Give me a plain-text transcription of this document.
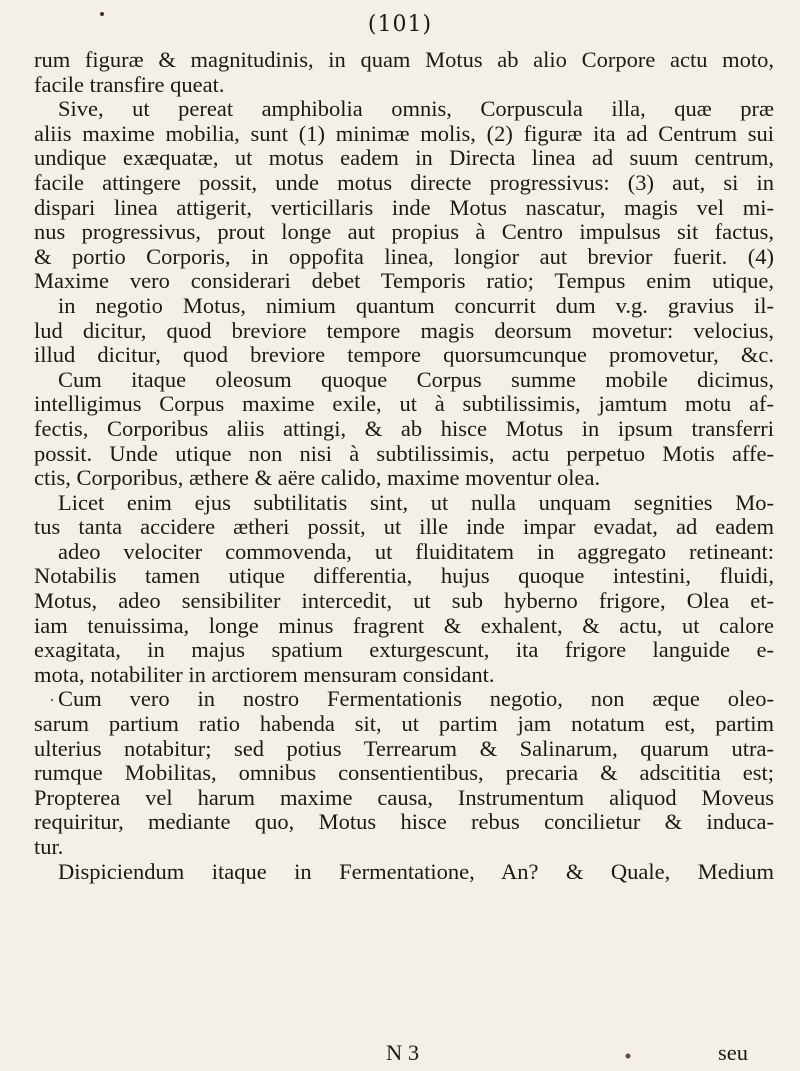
(101)
rum figuræ & magnitudinis, in quam Motus ab alio Corpore actu moto,
facile transfire queat.
Sive, ut pereat amphibolia omnis, Corpuscula illa, quæ præ
aliis maxime mobilia, sunt (1) minimæ molis, (2) figuræ ita ad Centrum sui
undique exæquatæ, ut motus eadem in Directa linea ad suum centrum,
facile attingere possit, unde motus directe progressivus: (3) aut, si in
dispari linea attigerit, verticillaris inde Motus nascatur, magis vel mi-
nus progressivus, prout longe aut propius à Centro impulsus sit factus,
& portio Corporis, in oppofita linea, longior aut brevior fuerit. (4)
Maxime vero considerari debet Temporis ratio; Tempus enim utique,
in negotio Motus, nimium quantum concurrit dum v.g. gravius il-
lud dicitur, quod breviore tempore magis deorsum movetur: velocius,
illud dicitur, quod breviore tempore quorsumcunque promovetur, &c.
Cum itaque oleosum quoque Corpus summe mobile dicimus,
intelligimus Corpus maxime exile, ut à subtilissimis, jamtum motu af-
fectis, Corporibus aliis attingi, & ab hisce Motus in ipsum transferri
possit. Unde utique non nisi à subtilissimis, actu perpetuo Motis affe-
ctis, Corporibus, æthere & aëre calido, maxime moventur olea.
Licet enim ejus subtilitatis sint, ut nulla unquam segnities Mo-
tus tanta accidere ætheri possit, ut ille inde impar evadat, ad eadem
adeo velociter commovenda, ut fluiditatem in aggregato retineant:
Notabilis tamen utique differentia, hujus quoque intestini, fluidi,
Motus, adeo sensibiliter intercedit, ut sub hyberno frigore, Olea et-
iam tenuissima, longe minus fragrent & exhalent, & actu, ut calore
exagitata, in majus spatium exturgescunt, ita frigore languide e-
mota, notabiliter in arctiorem mensuram considant.
Cum vero in nostro Fermentationis negotio, non æque oleo-
sarum partium ratio habenda sit, ut partim jam notatum est, partim
ulterius notabitur; sed potius Terrearum & Salinarum, quarum utra-
rumque Mobilitas, omnibus consentientibus, precaria & adscititia est;
Propterea vel harum maxime causa, Instrumentum aliquod Moveus
requiritur, mediante quo, Motus hisce rebus concilietur & induca-
tur.
Dispiciendum itaque in Fermentatione, An? & Quale, Medium
N 3	seu
